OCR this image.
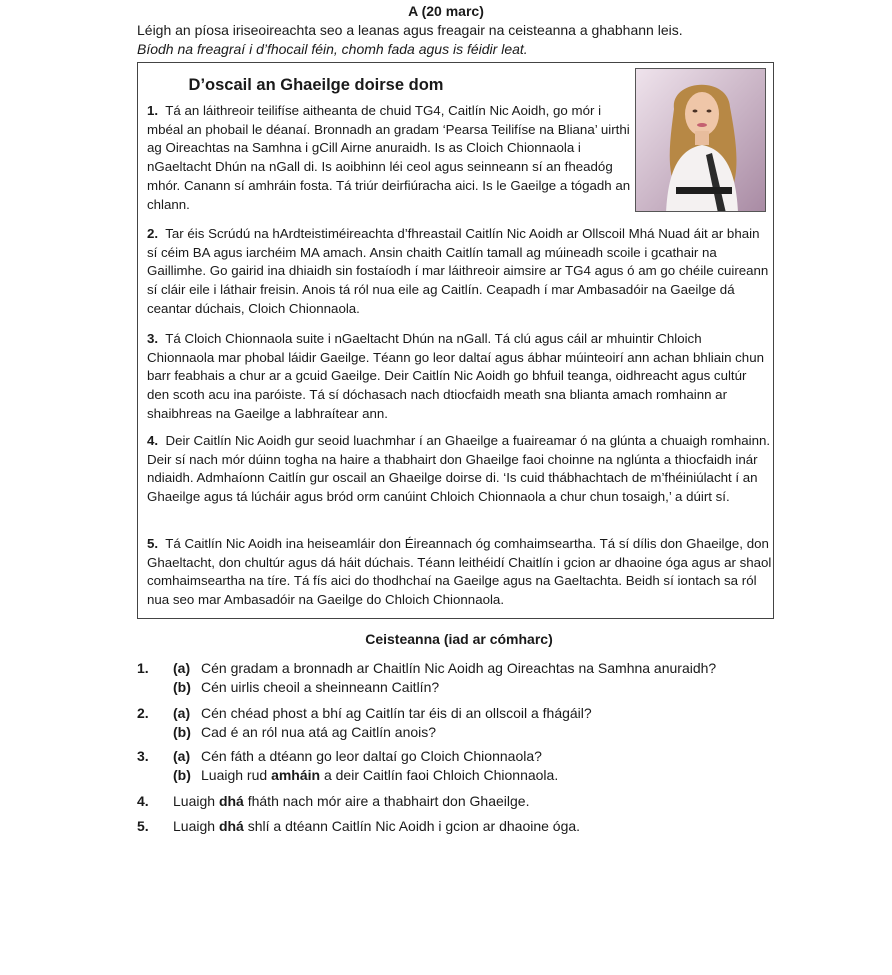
A (20 marc)
Léigh an píosa iriseoireachta seo a leanas agus freagair na ceisteanna a ghabhann leis.
Bíodh na freagraí i d’fhocail féin, chomh fada agus is féidir leat.
D’oscail an Ghaeilge doirse dom

1. Tá an láithreoir teilifíse aitheanta de chuid TG4, Caitlín Nic Aoidh, go mór i mbéal an phobail le déanaí. Bronnadh an gradam ‘Pearsa Teilifíse na Bliana’ uirthi ag Oireachtas na Samhna i gCill Airne anuraidh. Is as Cloich Chionnaola i nGaeltacht Dhún na nGall di. Is aoibhinn léi ceol agus seinneann sí an fheadóg mhór. Canann sí amhráin fosta. Tá triúr deirfiúracha aici. Is le Gaeilge a tógadh an chlann.

2. Tar éis Scrúdú na hArdteistiméireachta d’fhreastail Caitlín Nic Aoidh ar Ollscoil Mhá Nuad áit ar bhain sí céim BA agus iarchéim MA amach. Ansin chaith Caitlín tamall ag múineadh scoile i gcathair na Gaillimhe. Go gairid ina dhiaidh sin fostaíodh í mar láithreoir aimsire ar TG4 agus ó am go chéile cuireann sí cláir eile i láthair freisin. Anois tá ról nua eile ag Caitlín. Ceapadh í mar Ambasadóir na Gaeilge dá ceantar dúchais, Cloich Chionnaola.

3. Tá Cloich Chionnaola suite i nGaeltacht Dhún na nGall. Tá clú agus cáil ar mhuintir Chloich Chionnaola mar phobal láidir Gaeilge. Téann go leor daltaí agus ábhar múinteoirí ann achan bhliain chun barr feabhais a chur ar a gcuid Gaeilge. Deir Caitlín Nic Aoidh go bhfuil teanga, oidhreacht agus cultúr den scoth acu ina paróiste. Tá sí dóchasach nach dtiocfaidh meath sna blianta amach romhainn ar shaibhreas na Gaeilge a labhraítear ann.

4. Deir Caitlín Nic Aoidh gur seoid luachmhar í an Ghaeilge a fuaireamar ó na glúnta a chuaigh romhainn. Deir sí nach mór dúinn togha na haire a thabhairt don Ghaeilge faoi choinne na nglúnta a thiocfaidh inár ndiaidh. Admhaíonn Caitlín gur oscail an Ghaeilge doirse di. ‘Is cuid thábhachtach de m’fhéiniúlacht í an Ghaeilge agus tá lúcháir agus bród orm canúint Chloich Chionnaola a chur chun tosaigh,’ a dúirt sí.

5. Tá Caitlín Nic Aoidh ina heiseamláir don Éireannach óg comhaimseartha. Tá sí dílis don Ghaeilge, don Ghaeltacht, don chultúr agus dá háit dúchais. Téann leithéidí Chaitlín i gcion ar dhaoine óga agus ar shaol comhaimseartha na tíre. Tá fís aici do thodhchaí na Gaeilge agus na Gaeltachta. Beidh sí iontach sa ról nua seo mar Ambasadóir na Gaeilge do Chloich Chionnaola.

Ceisteanna (iad ar cómharc)
1. (a) Cén gradam a bronnadh ar Chaitlín Nic Aoidh ag Oireachtas na Samhna anuraidh?
(b) Cén uirlis cheoil a sheinneann Caitlín?
2. (a) Cén chéad phost a bhí ag Caitlín tar éis di an ollscoil a fhágáil?
(b) Cad é an ról nua atá ag Caitlín anois?
3. (a) Cén fáth a dtéann go leor daltaí go Cloich Chionnaola?
(b) Luaigh rud amháin a deir Caitlín faoi Chloich Chionnaola.
4. Luaigh dhá fháth nach mór aire a thabhairt don Ghaeilge.
5. Luaigh dhá shlí a dtéann Caitlín Nic Aoidh i gcion ar dhaoine óga.
